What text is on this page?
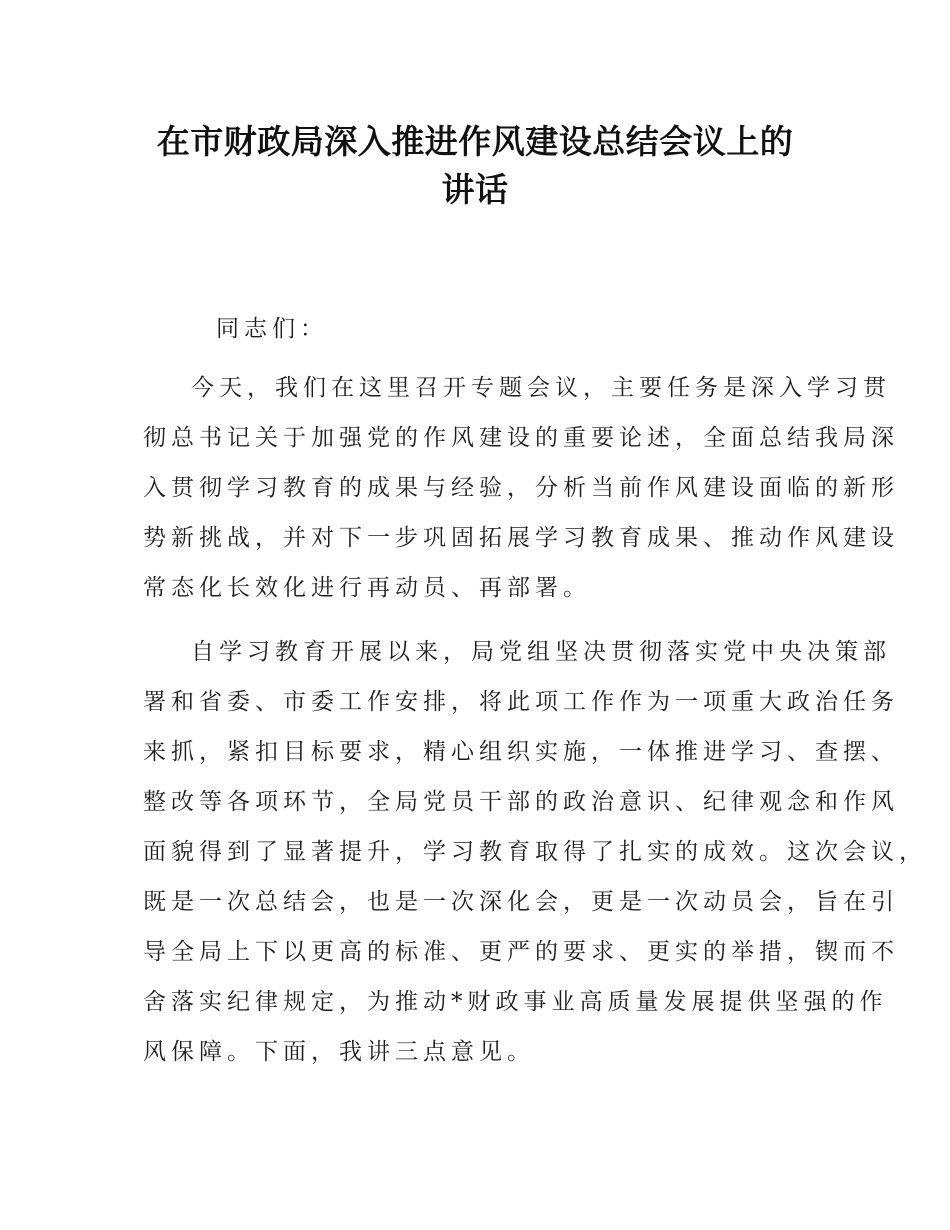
在市财政局深入推进作风建设总结会议上的
讲话
同志们：
今天，我们在这里召开专题会议，主要任务是深入学习贯
彻总书记关于加强党的作风建设的重要论述，全面总结我局深
入贯彻学习教育的成果与经验，分析当前作风建设面临的新形
势新挑战，并对下一步巩固拓展学习教育成果、推动作风建设
常态化长效化进行再动员、再部署。
自学习教育开展以来，局党组坚决贯彻落实党中央决策部
署和省委、市委工作安排，将此项工作作为一项重大政治任务
来抓，紧扣目标要求，精心组织实施，一体推进学习、查摆、
整改等各项环节，全局党员干部的政治意识、纪律观念和作风
面貌得到了显著提升，学习教育取得了扎实的成效。这次会议，
既是一次总结会，也是一次深化会，更是一次动员会，旨在引
导全局上下以更高的标准、更严的要求、更实的举措，锲而不
舍落实纪律规定，为推动*财政事业高质量发展提供坚强的作
风保障。下面，我讲三点意见。
